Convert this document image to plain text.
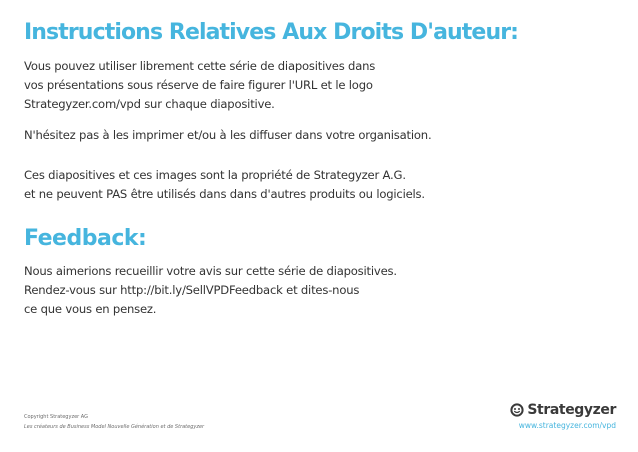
Instructions Relatives Aux Droits D'auteur:

Vous pouvez utiliser librement cette série de diapositives dans
vos présentations sous réserve de faire figurer l'URL et le logo
Strategyzer.com/vpd sur chaque diapositive.

N'hésitez pas à les imprimer et/ou à les diffuser dans votre organisation.

Ces diapositives et ces images sont la propriété de Strategyzer A.G.
et ne peuvent PAS être utilisés dans dans d'autres produits ou logiciels.

Feedback:

Nous aimerions recueillir votre avis sur cette série de diapositives.
Rendez-vous sur http://bit.ly/SellVPDFeedback et dites-nous
ce que vous en pensez.

Copyright Strategyzer AG
Les créateurs de Business Model Nouvelle Génération et de Strategyzer
Strategyzer
www.strategyzer.com/vpd
